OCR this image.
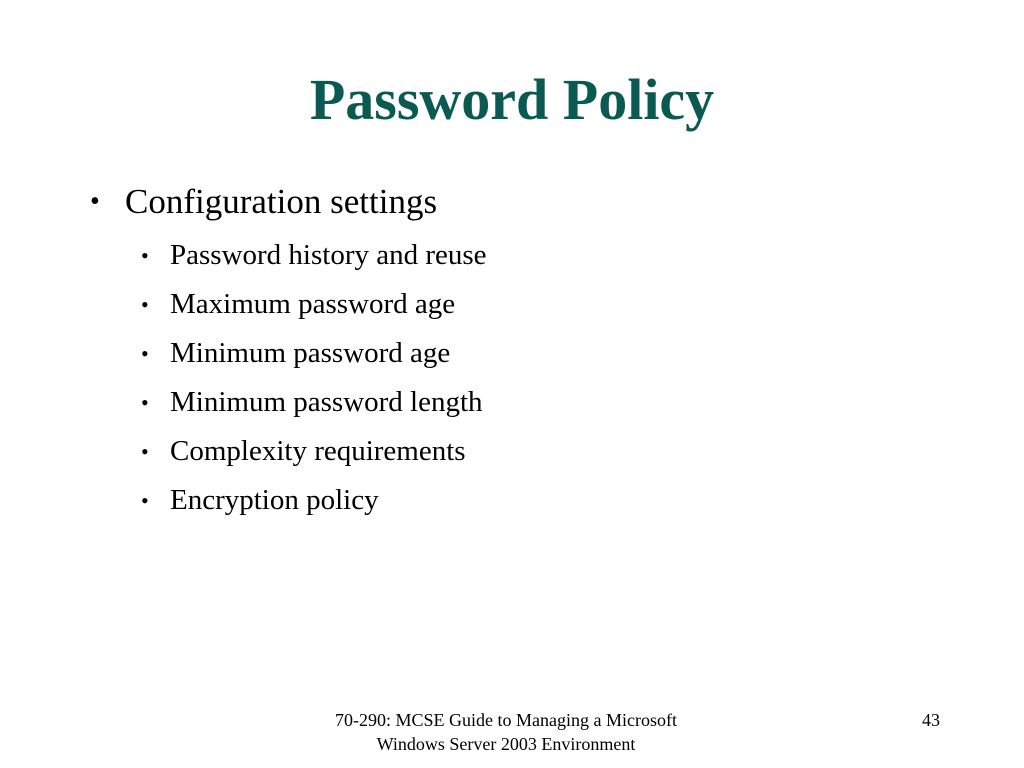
Password Policy
• Configuration settings
• Password history and reuse
• Maximum password age
• Minimum password age
• Minimum password length
• Complexity requirements
• Encryption policy
70-290: MCSE Guide to Managing a Microsoft
Windows Server 2003 Environment
43
